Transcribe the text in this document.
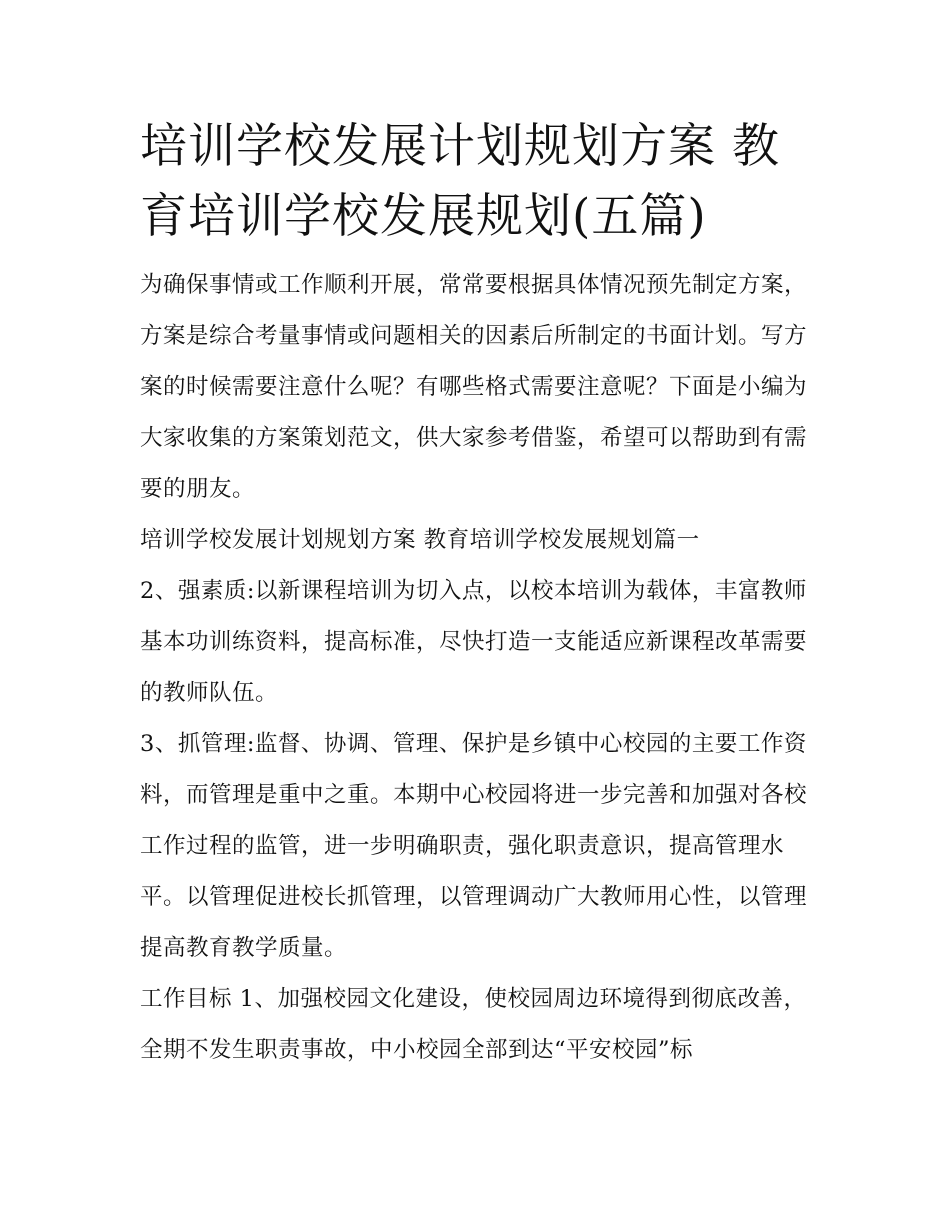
培训学校发展计划规划方案 教育培训学校发展规划(五篇)

为确保事情或工作顺利开展，常常要根据具体情况预先制定方案，方案是综合考量事情或问题相关的因素后所制定的书面计划。写方案的时候需要注意什么呢？有哪些格式需要注意呢？下面是小编为大家收集的方案策划范文，供大家参考借鉴，希望可以帮助到有需要的朋友。

培训学校发展计划规划方案 教育培训学校发展规划篇一

2、强素质:以新课程培训为切入点，以校本培训为载体，丰富教师基本功训练资料，提高标准，尽快打造一支能适应新课程改革需要的教师队伍。

3、抓管理:监督、协调、管理、保护是乡镇中心校园的主要工作资料，而管理是重中之重。本期中心校园将进一步完善和加强对各校工作过程的监管，进一步明确职责，强化职责意识，提高管理水平。以管理促进校长抓管理，以管理调动广大教师用心性，以管理提高教育教学质量。

工作目标 1、加强校园文化建设，使校园周边环境得到彻底改善，全期不发生职责事故，中小校园全部到达“平安校园”标
